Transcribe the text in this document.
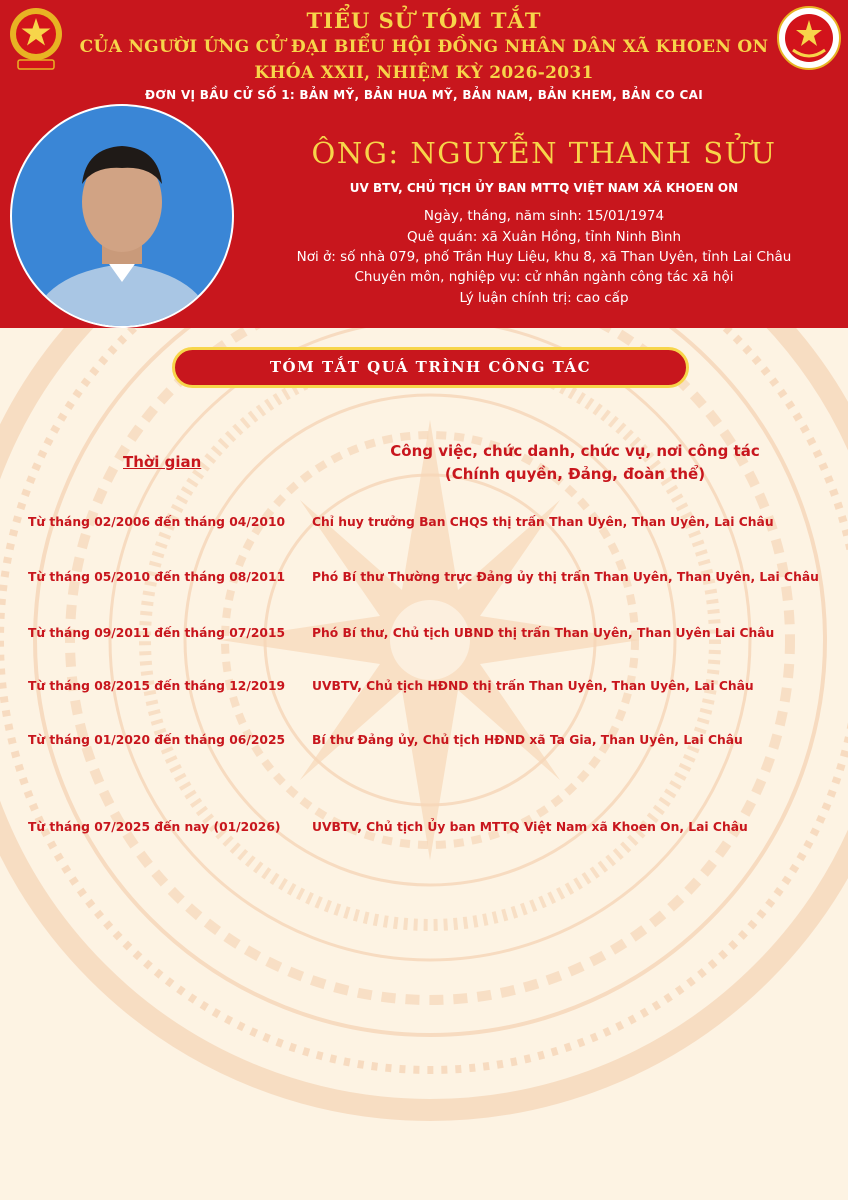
TIỂU SỬ TÓM TẮT
CỦA NGƯỜI ỨNG CỬ ĐẠI BIỂU HỘI ĐỒNG NHÂN DÂN XÃ KHOEN ON
KHÓA XXII, NHIỆM KỲ 2026-2031
ĐƠN VỊ BẦU CỬ SỐ 1: BẢN MỸ, BẢN HUA MỸ, BẢN NAM, BẢN KHEM, BẢN CO CAI
ÔNG: NGUYỄN THANH SỬU
UV BTV, CHỦ TỊCH ỦY BAN MTTQ VIỆT NAM XÃ KHOEN ON
Ngày, tháng, năm sinh: 15/01/1974
Quê quán: xã Xuân Hồng, tỉnh Ninh Bình
Nơi ở: số nhà 079, phố Trần Huy Liệu, khu 8, xã Than Uyên, tỉnh Lai Châu
Chuyên môn, nghiệp vụ: cử nhân ngành công tác xã hội
Lý luận chính trị: cao cấp
TÓM TẮT QUÁ TRÌNH CÔNG TÁC
Thời gian
Công việc, chức danh, chức vụ, nơi công tác
(Chính quyền, Đảng, đoàn thể)
Từ tháng 02/2006 đến tháng 04/2010 Chỉ huy trưởng Ban CHQS thị trấn Than Uyên, Than Uyên, Lai Châu
Từ tháng 05/2010 đến tháng 08/2011 Phó Bí thư Thường trực Đảng ủy thị trấn Than Uyên, Than Uyên, Lai Châu
Từ tháng 09/2011 đến tháng 07/2015 Phó Bí thư, Chủ tịch UBND thị trấn Than Uyên, Than Uyên Lai Châu
Từ tháng 08/2015 đến tháng 12/2019 UVBTV, Chủ tịch HĐND thị trấn Than Uyên, Than Uyên, Lai Châu
Từ tháng 01/2020 đến tháng 06/2025 Bí thư Đảng ủy, Chủ tịch HĐND xã Ta Gia, Than Uyên, Lai Châu
Từ tháng 07/2025 đến nay (01/2026)	UVBTV, Chủ tịch Ủy ban MTTQ Việt Nam xã Khoen On, Lai Châu
